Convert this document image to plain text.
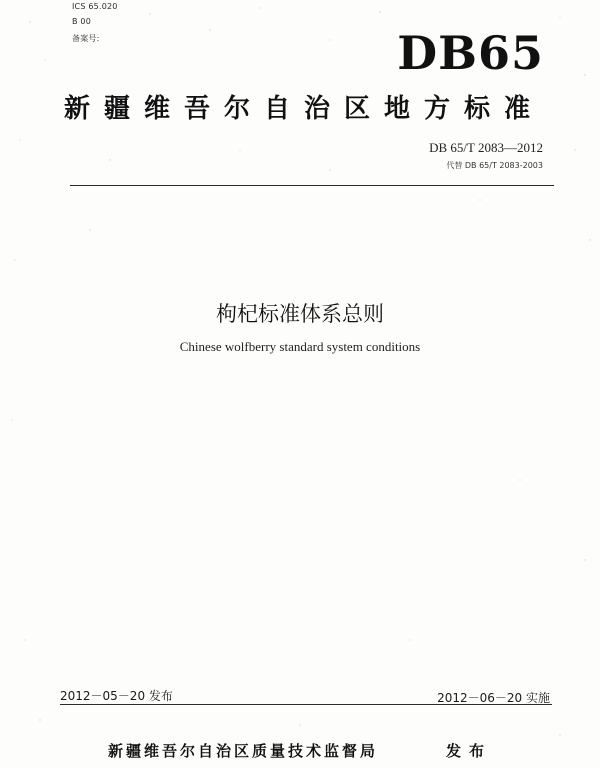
ICS 65.020
B 00
备案号:	DB65
新疆维吾尔自治区地方标准
DB 65/T 2083—2012
代替 DB 65/T 2083-2003
枸杞标准体系总则
Chinese wolfberry standard system conditions
2012－05－20 发布	2012－06－20 实施
新疆维吾尔自治区质量技术监督局	发布
